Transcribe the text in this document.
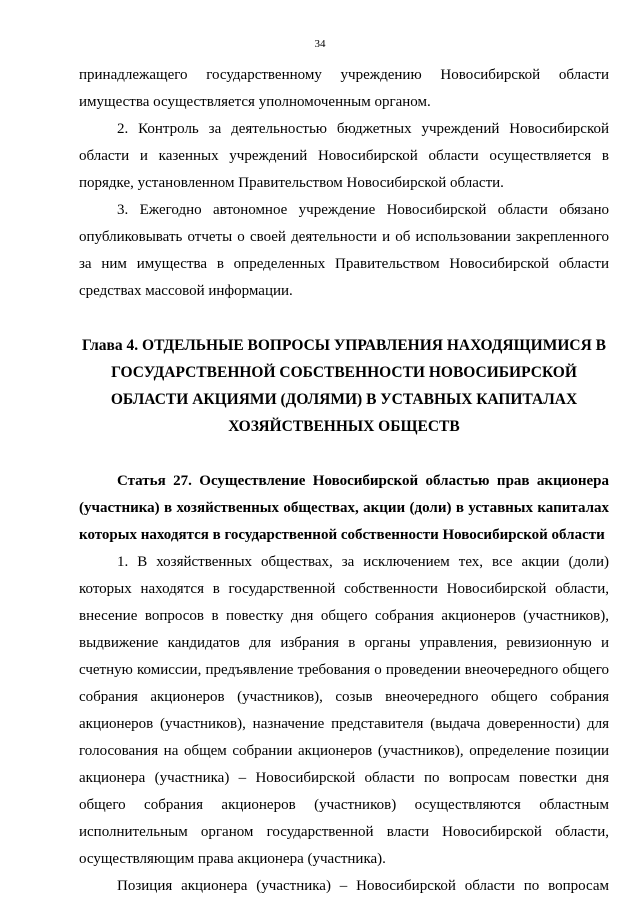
34

принадлежащего государственному учреждению Новосибирской области имущества осуществляется уполномоченным органом.

2. Контроль за деятельностью бюджетных учреждений Новосибирской области и казенных учреждений Новосибирской области осуществляется в порядке, установленном Правительством Новосибирской области.

3. Ежегодно автономное учреждение Новосибирской области обязано опубликовывать отчеты о своей деятельности и об использовании закрепленного за ним имущества в определенных Правительством Новосибирской области средствах массовой информации.

Глава 4. ОТДЕЛЬНЫЕ ВОПРОСЫ УПРАВЛЕНИЯ НАХОДЯЩИМИСЯ В ГОСУДАРСТВЕННОЙ СОБСТВЕННОСТИ НОВОСИБИРСКОЙ ОБЛАСТИ АКЦИЯМИ (ДОЛЯМИ) В УСТАВНЫХ КАПИТАЛАХ ХОЗЯЙСТВЕННЫХ ОБЩЕСТВ

Статья 27. Осуществление Новосибирской областью прав акционера (участника) в хозяйственных обществах, акции (доли) в уставных капиталах которых находятся в государственной собственности Новосибирской области

1. В хозяйственных обществах, за исключением тех, все акции (доли) которых находятся в государственной собственности Новосибирской области, внесение вопросов в повестку дня общего собрания акционеров (участников), выдвижение кандидатов для избрания в органы управления, ревизионную и счетную комиссии, предъявление требования о проведении внеочередного общего собрания акционеров (участников), созыв внеочередного общего собрания акционеров (участников), назначение представителя (выдача доверенности) для голосования на общем собрании акционеров (участников), определение позиции акционера (участника) – Новосибирской области по вопросам повестки дня общего собрания акционеров (участников) осуществляются областным исполнительным органом государственной власти Новосибирской области, осуществляющим права акционера (участника).

Позиция акционера (участника) – Новосибирской области по вопросам
